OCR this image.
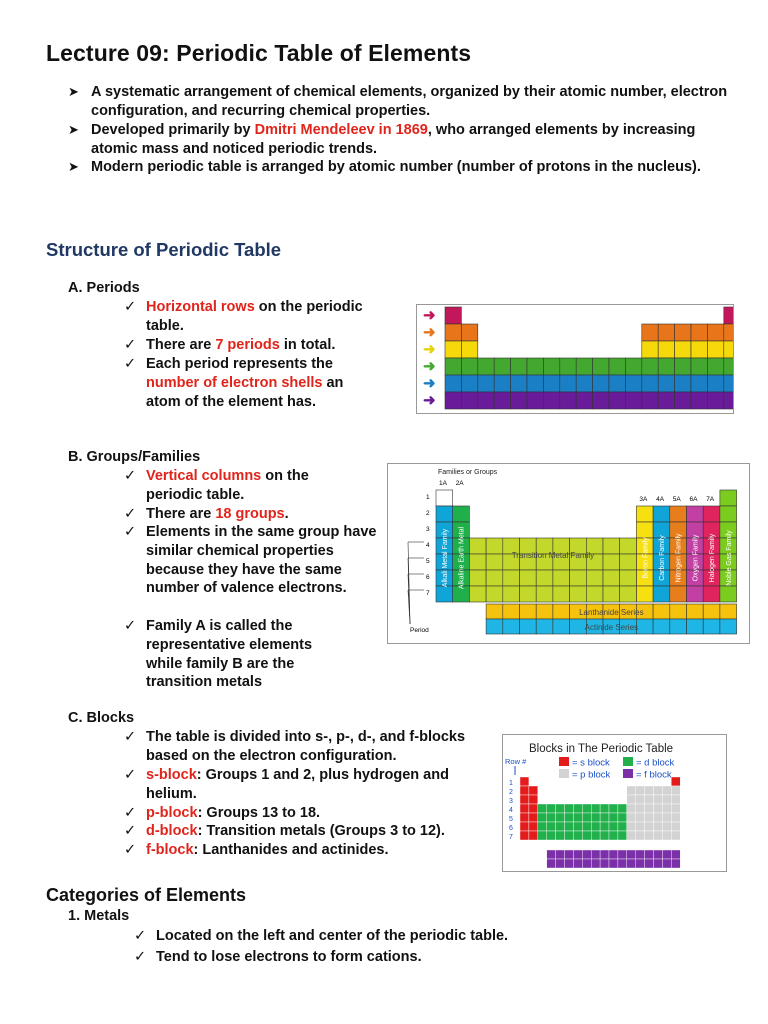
Lecture 09: Periodic Table of Elements
➤ A systematic arrangement of chemical elements, organized by their atomic number, electron configuration, and recurring chemical properties.
➤ Developed primarily by Dmitri Mendeleev in 1869, who arranged elements by increasing atomic mass and noticed periodic trends.
➤ Modern periodic table is arranged by atomic number (number of protons in the nucleus).
Structure of Periodic Table
A. Periods
✓ Horizontal rows on the periodic table.
✓ There are 7 periods in total.
✓ Each period represents the number of electron shells an atom of the element has.
➜
➜
➜
➜
➜
➜
B. Groups/Families
✓ Vertical columns on the periodic table.
✓ There are 18 groups.
✓ Elements in the same group have similar chemical properties because they have the same number of valence electrons.
✓ Family A is called the representative elements while family B are the transition metals
Families or Groups
1A 2A
3A 4A 5A 6A 7A
1
2
3
4
5
6
7
Period
Alkali Metal Family Alkaline Earth Metal	Boron Family Carbon Family Nitrogen Family Oxygen Family Halogen Family Noble Gas Family
Transition Metal Family
Lanthanide Series
Actinide Series
C. Blocks
✓ The table is divided into s-, p-, d-, and f-blocks based on the electron configuration.
✓ s-block: Groups 1 and 2, plus hydrogen and helium.
✓ p-block: Groups 13 to 18.
✓ d-block: Transition metals (Groups 3 to 12).
✓ f-block: Lanthanides and actinides.
Blocks in The Periodic Table
Row #	= s block	= d block
= p block	= f block
1
2
3
4
5
6
7
Categories of Elements
1. Metals
✓ Located on the left and center of the periodic table.
✓ Tend to lose electrons to form cations.
